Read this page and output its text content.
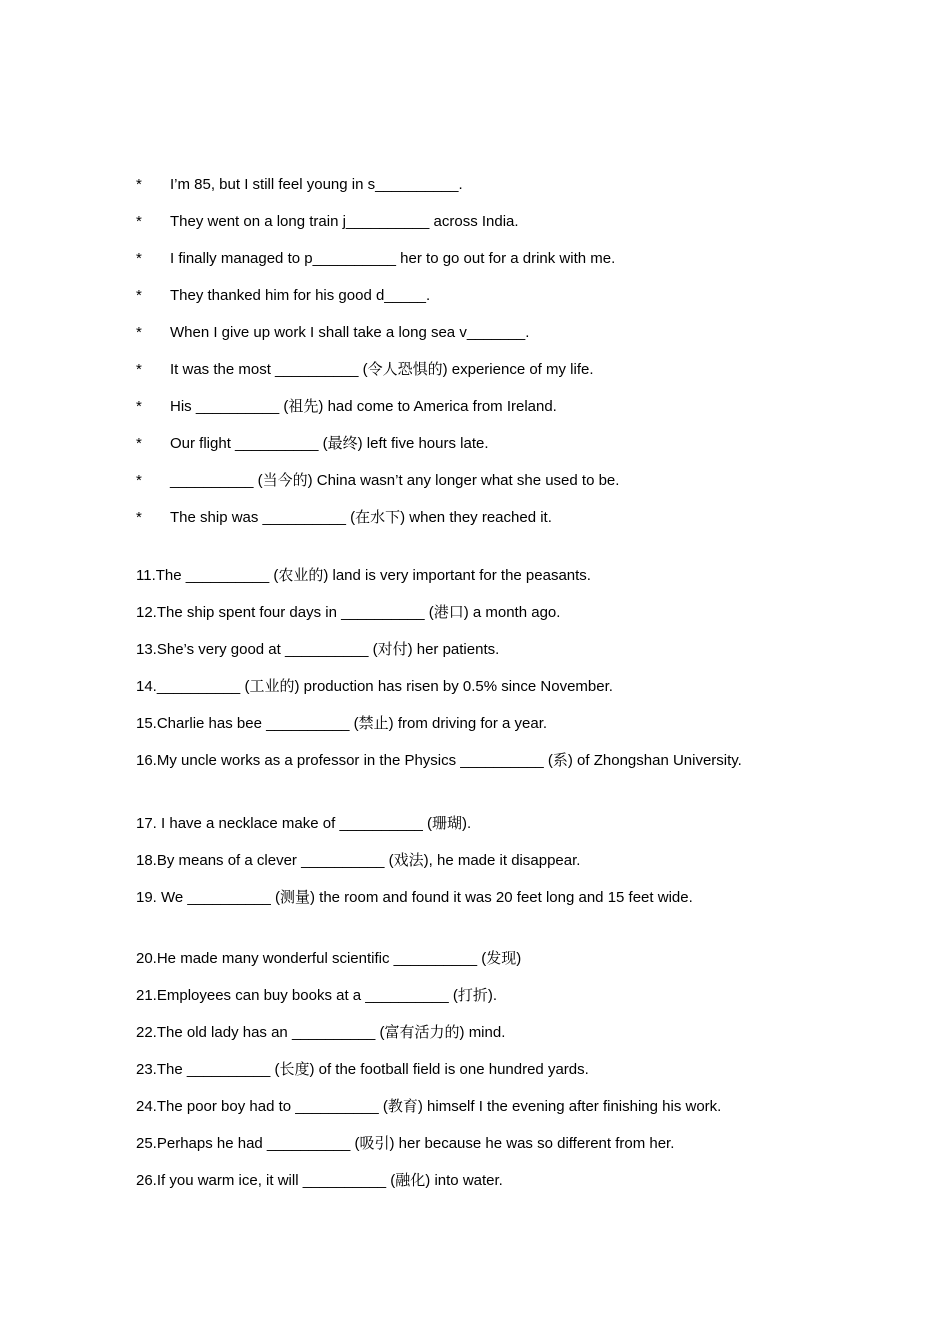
*	I’m 85, but I still feel young in s__________.
*	They went on a long train j__________ across India.
*	I finally managed to p__________ her to go out for a drink with me.
*	They thanked him for his good d_____.
*	When I give up work I shall take a long sea v_______.
*	It was the most __________ (令人恐惧的) experience of my life.
*	His __________ (祖先) had come to America from Ireland.
*	Our flight __________ (最终) left five hours late.
*	__________ (当今的) China wasn’t any longer what she used to be.
*	The ship was __________ (在水下) when they reached it.
11.The __________ (农业的) land is very important for the peasants.
12.The ship spent four days in __________ (港口) a month ago.
13.She’s very good at __________ (对付) her patients.
14.__________ (工业的) production has risen by 0.5% since November.
15.Charlie has bee __________ (禁止) from driving for a year.
16.My uncle works as a professor in the Physics __________ (系) of Zhongshan University.
17. I have a necklace make of __________ (珊瑚).
18.By means of a clever __________ (戏法), he made it disappear.
19. We __________ (测量) the room and found it was 20 feet long and 15 feet wide.
20.He made many wonderful scientific __________ (发现)
21.Employees can buy books at a __________ (打折).
22.The old lady has an __________ (富有活力的) mind.
23.The __________ (长度) of the football field is one hundred yards.
24.The poor boy had to __________ (教育) himself I the evening after finishing his work.
25.Perhaps he had __________ (吸引) her because he was so different from her.
26.If you warm ice, it will __________ (融化) into water.
